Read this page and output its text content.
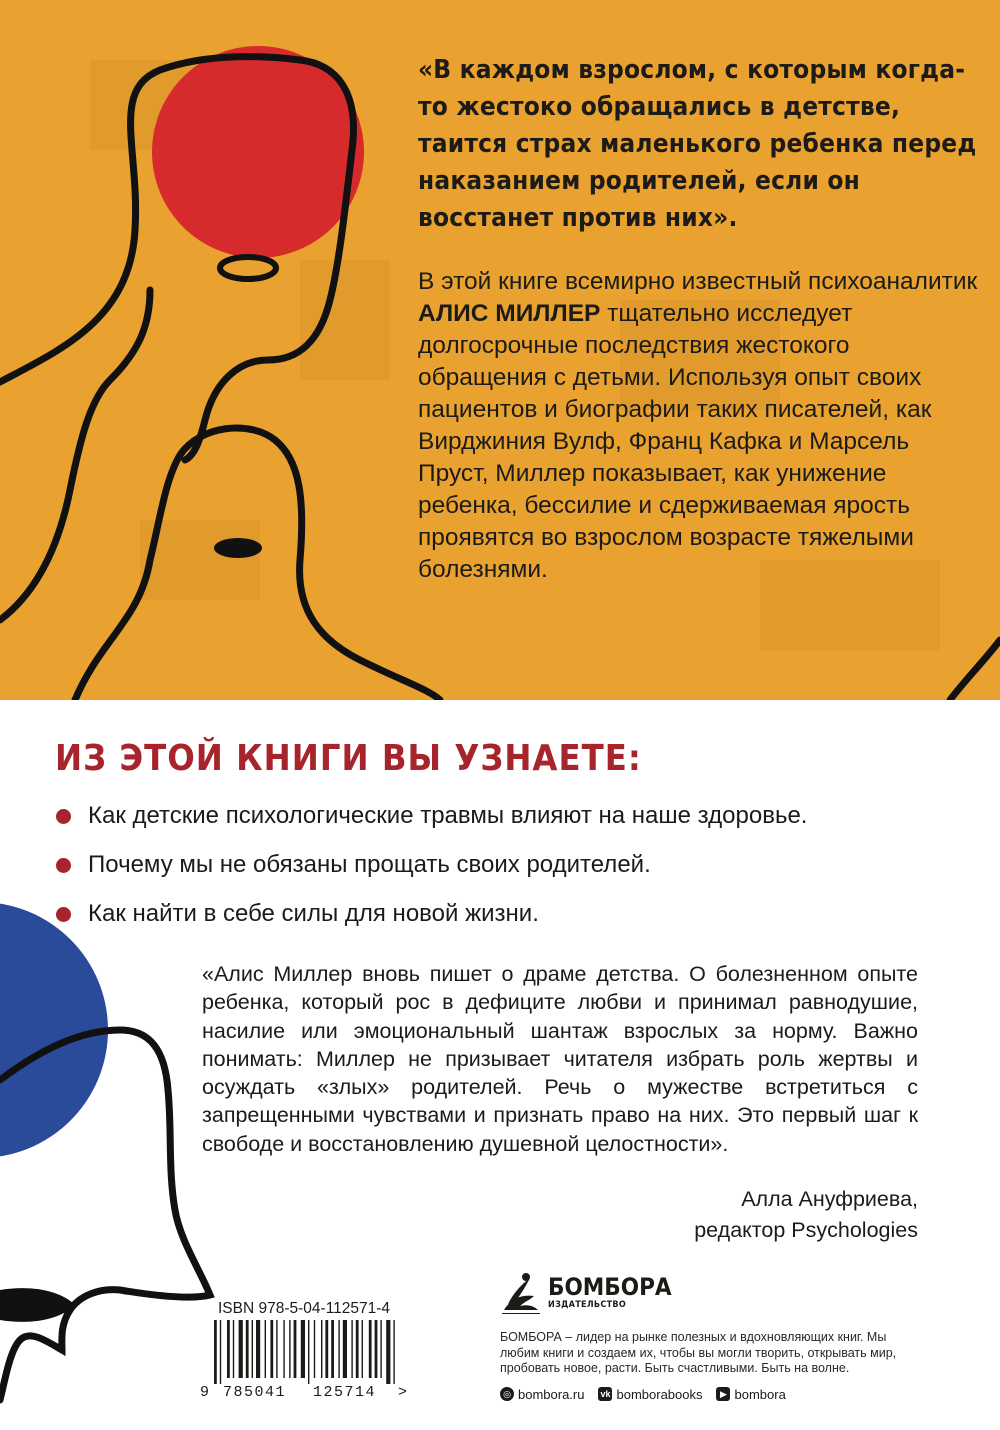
«В каждом взрослом, с которым когда-то жестоко обращались в детстве, таится страх маленького ребенка перед наказанием родителей, если он восстанет против них».

В этой книге всемирно известный психоаналитик АЛИС МИЛЛЕР тщательно исследует долгосрочные последствия жестокого обращения с детьми. Используя опыт своих пациентов и биографии таких писателей, как Вирджиния Вулф, Франц Кафка и Марсель Пруст, Миллер показывает, как унижение ребенка, бессилие и сдерживаемая ярость проявятся во взрослом возрасте тяжелыми болезнями.

ИЗ ЭТОЙ КНИГИ ВЫ УЗНАЕТЕ:
Как детские психологические травмы влияют на наше здоровье.
Почему мы не обязаны прощать своих родителей.
Как найти в себе силы для новой жизни.

«Алис Миллер вновь пишет о драме детства. О болезненном опыте ребенка, который рос в дефиците любви и принимал равнодушие, насилие или эмоциональный шантаж взрослых за норму. Важно понимать: Миллер не призывает читателя избрать роль жертвы и осуждать «злых» родителей. Речь о мужестве встретиться с запрещенными чувствами и признать право на них. Это первый шаг к свободе и восстановлению душевной целостности».

Алла Ануфриева,
редактор Psychologies
ISBN 978-5-04-112571-4
9 785041 125714 >
БОМБОРА
ИЗДАТЕЛЬСТВО

БОМБОРА – лидер на рынке полезных и вдохновляющих книг. Мы любим книги и создаем их, чтобы вы могли творить, открывать мир, пробовать новое, расти. Быть счастливыми. Быть на волне.

◎ bombora.ru vk bomborabooks	▶ bombora
